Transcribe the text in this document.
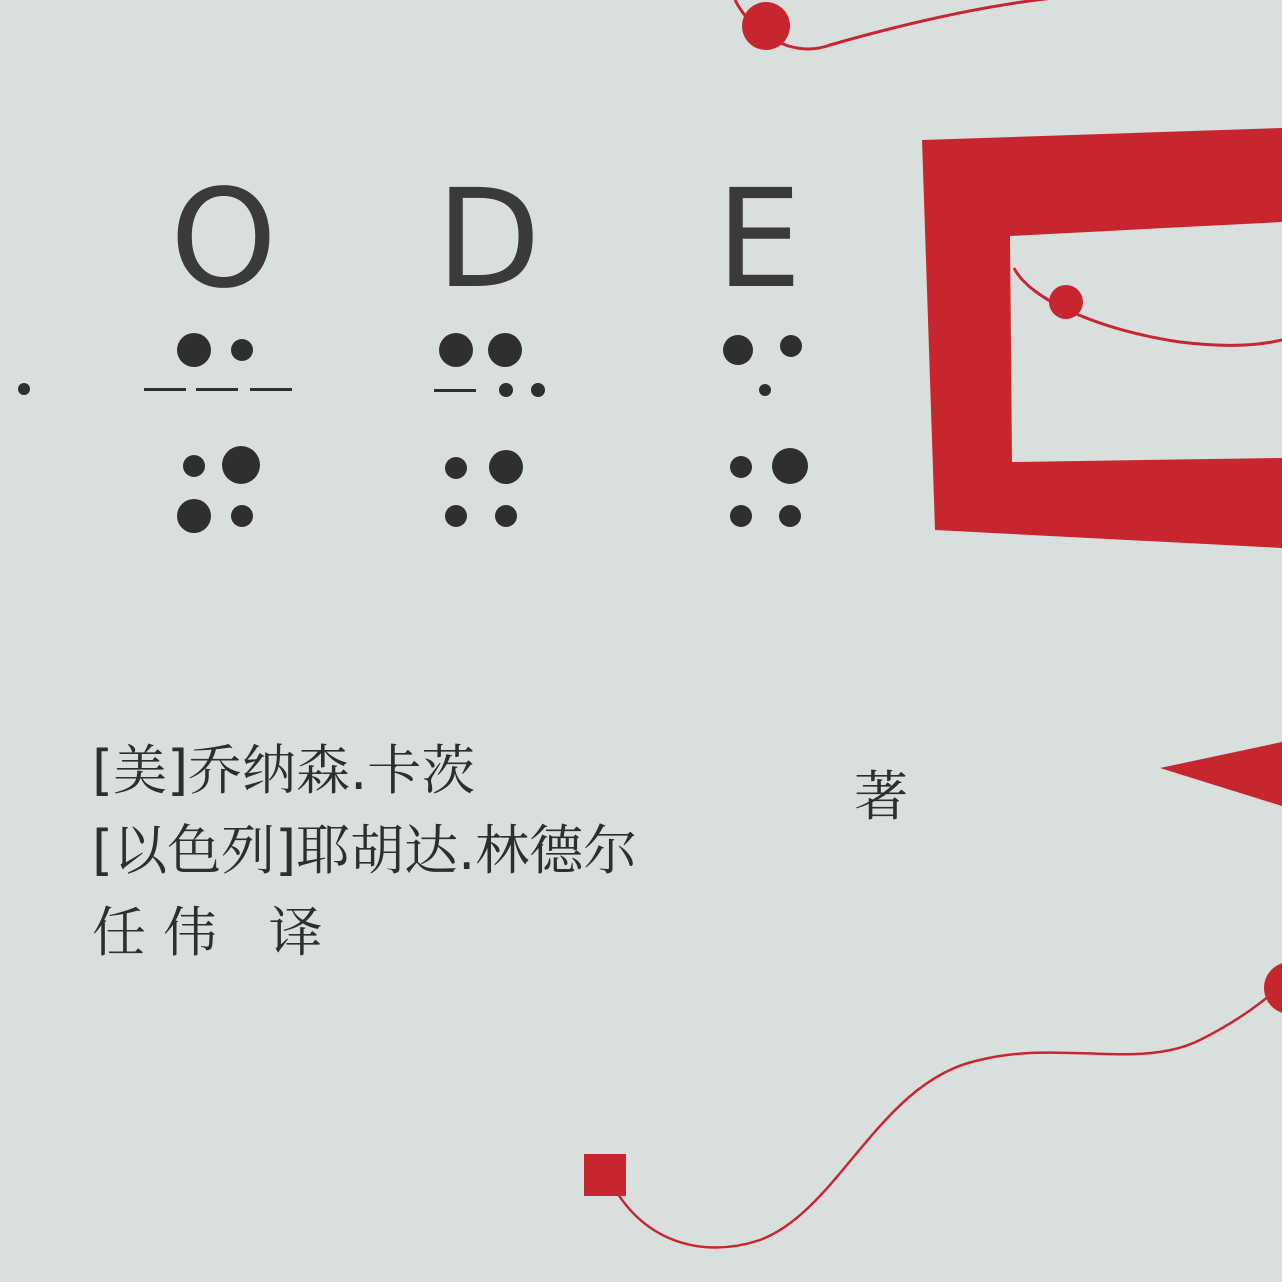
O D E
[美]乔纳森.卡茨
[以色列]耶胡达.林德尔
任 伟   译
著
